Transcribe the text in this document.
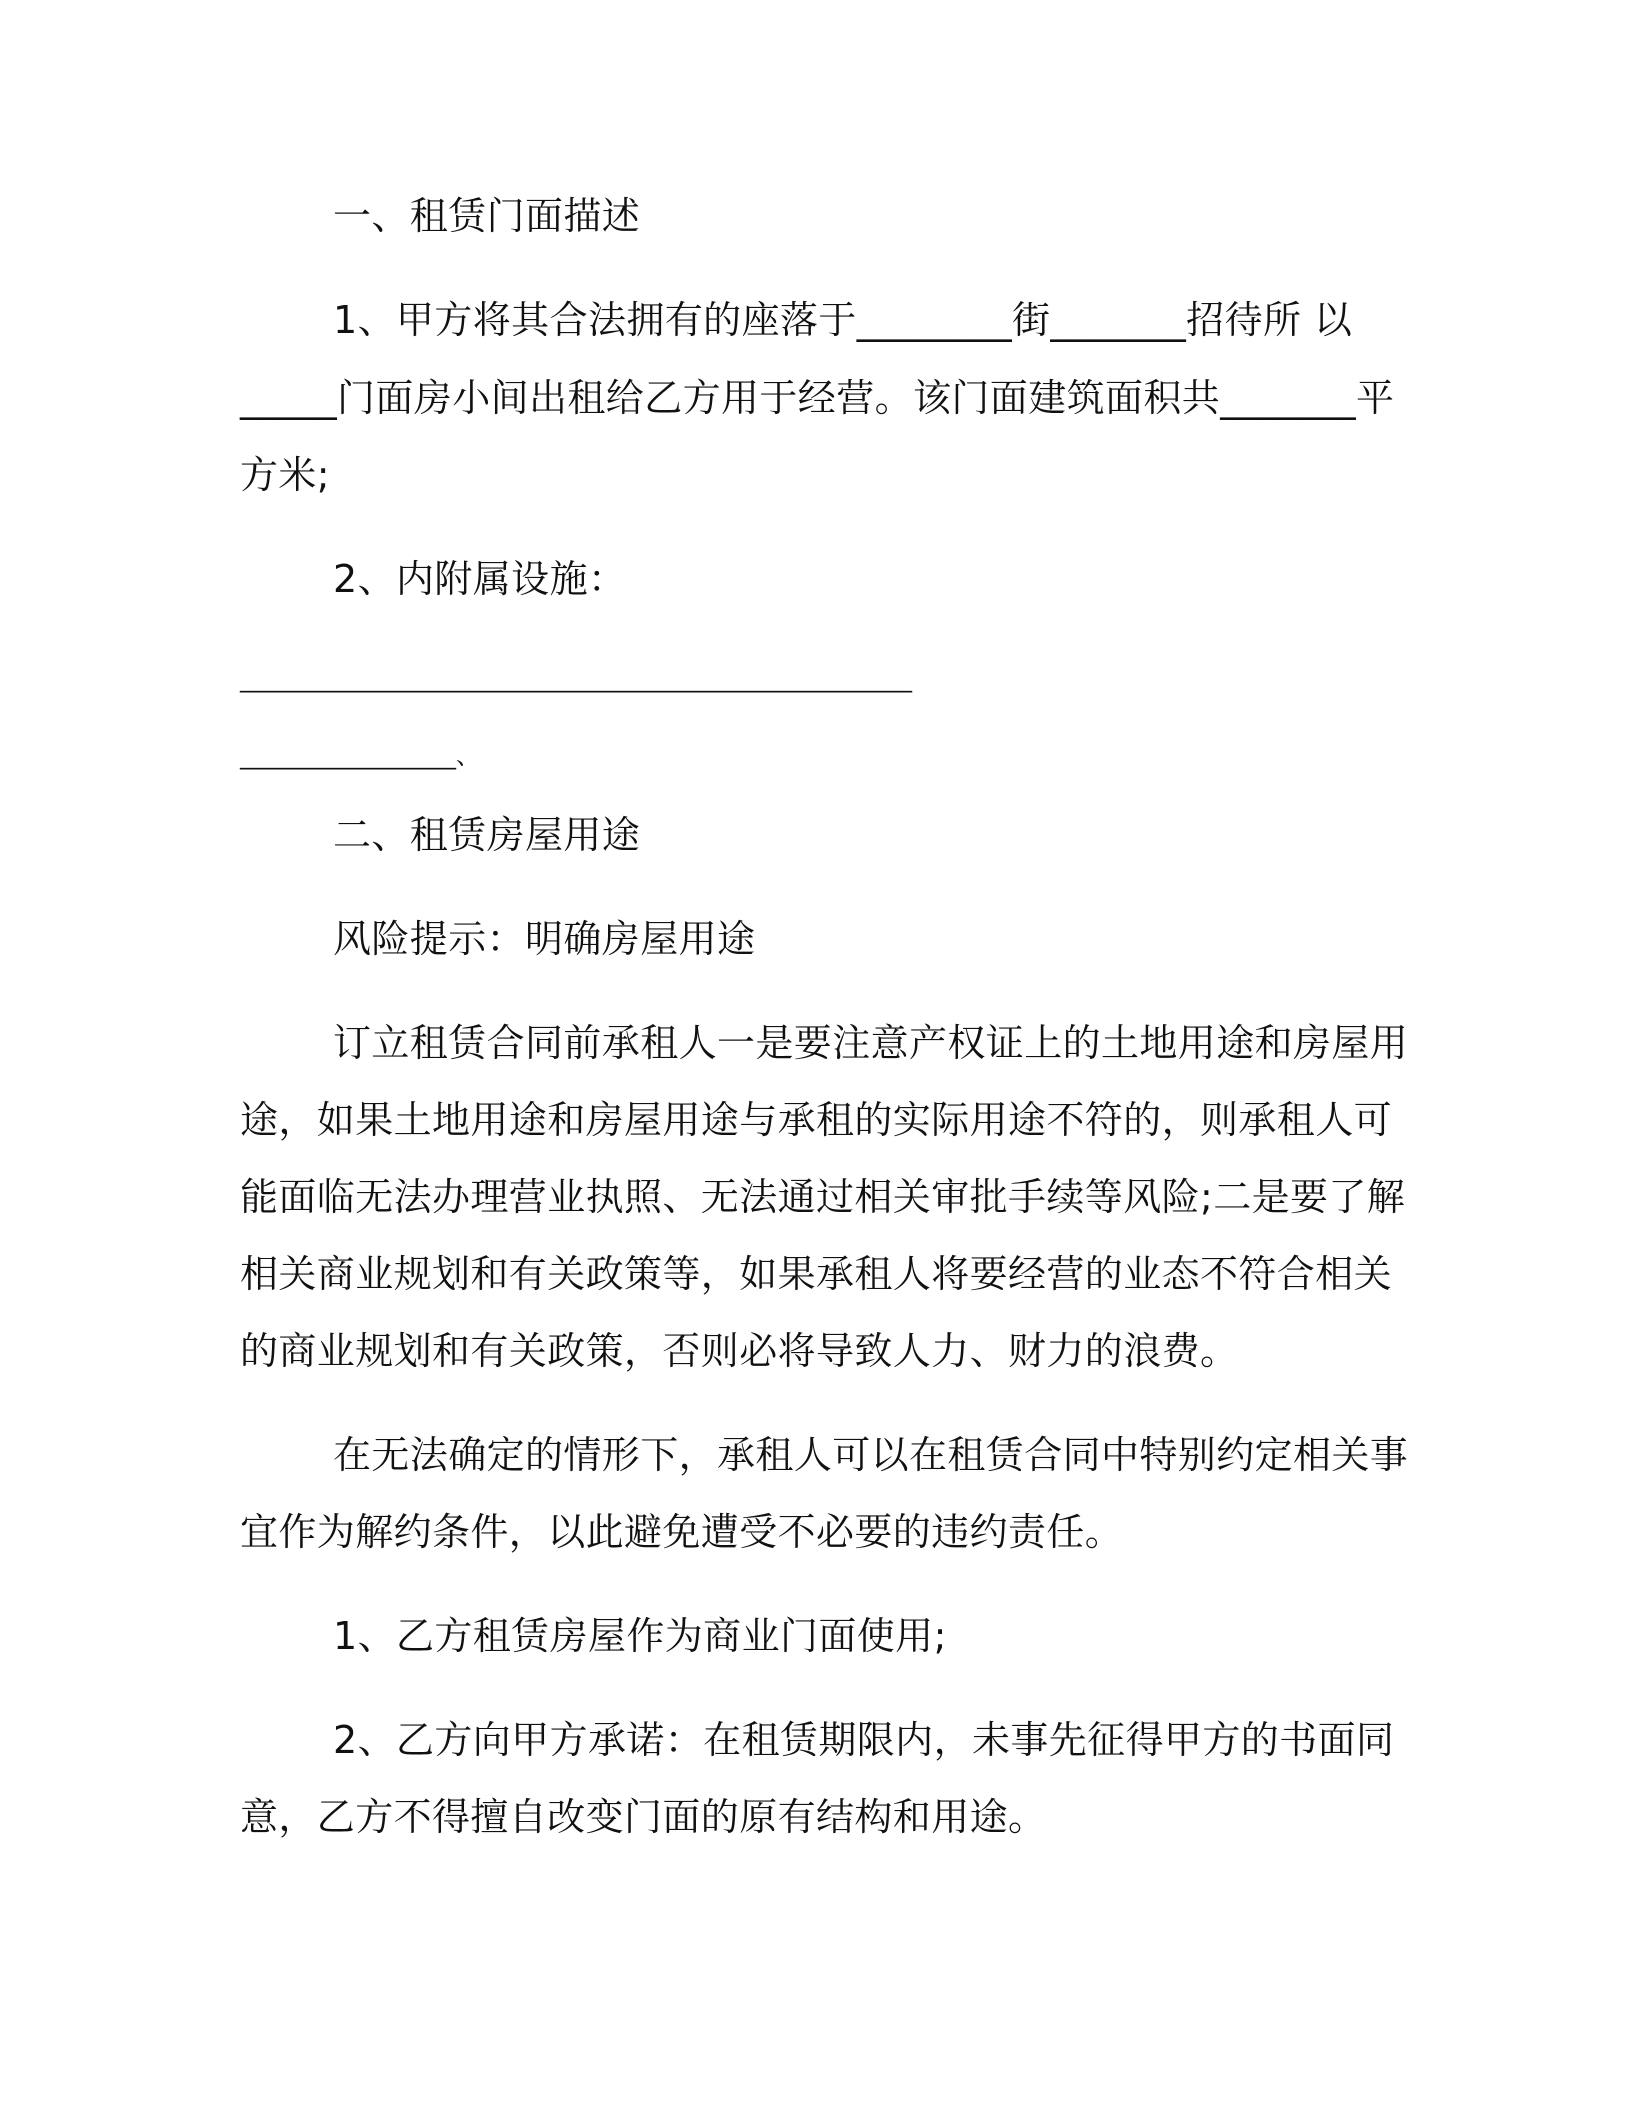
一、租赁门面描述
1、甲方将其合法拥有的座落于________街_______招待所 以
_____门面房小间出租给乙方用于经营。该门面建筑面积共_______平
方米;
2、内附属设施：
________________________________________________________
__________________、
二、租赁房屋用途
风险提示：明确房屋用途
订立租赁合同前承租人一是要注意产权证上的土地用途和房屋用
途，如果土地用途和房屋用途与承租的实际用途不符的，则承租人可
能面临无法办理营业执照、无法通过相关审批手续等风险;二是要了解
相关商业规划和有关政策等，如果承租人将要经营的业态不符合相关
的商业规划和有关政策，否则必将导致人力、财力的浪费。
在无法确定的情形下，承租人可以在租赁合同中特别约定相关事
宜作为解约条件，以此避免遭受不必要的违约责任。
1、乙方租赁房屋作为商业门面使用;
2、乙方向甲方承诺：在租赁期限内，未事先征得甲方的书面同
意，乙方不得擅自改变门面的原有结构和用途。
